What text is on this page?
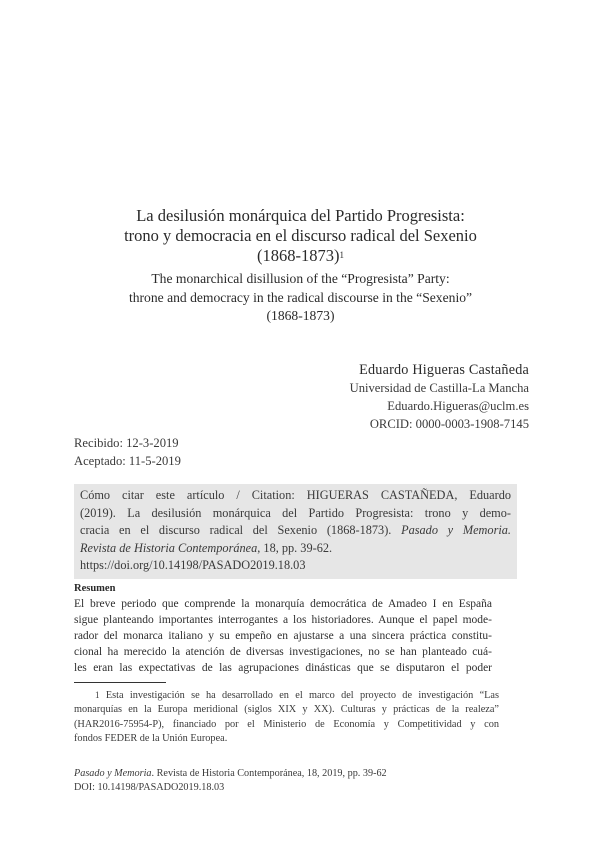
La desilusión monárquica del Partido Progresista:
trono y democracia en el discurso radical del Sexenio
(1868-1873)$^1$
The monarchical disillusion of the “Progresista” Party:
throne and democracy in the radical discourse in the “Sexenio”
(1868-1873)
Eduardo Higueras Castañeda
Universidad de Castilla-La Mancha
Eduardo.Higueras@uclm.es
ORCID: 0000-0003-1908-7145
Recibido: 12-3-2019
Aceptado: 11-5-2019
Cómo citar este artículo / Citation: HIGUERAS CASTAÑEDA, Eduardo
(2019). La desilusión monárquica del Partido Progresista: trono y demo-
cracia en el discurso radical del Sexenio (1868-1873). Pasado y Memoria.
Revista de Historia Contemporánea, 18, pp. 39-62.
https://doi.org/10.14198/PASADO2019.18.03
Resumen
El breve periodo que comprende la monarquía democrática de Amadeo I en España
sigue planteando importantes interrogantes a los historiadores. Aunque el papel mode-
rador del monarca italiano y su empeño en ajustarse a una sincera práctica constitu-
cional ha merecido la atención de diversas investigaciones, no se han planteado cuá-
les eran las expectativas de las agrupaciones dinásticas que se disputaron el poder
$^1$ Esta investigación se ha desarrollado en el marco del proyecto de investigación “Las
monarquías en la Europa meridional (siglos XIX y XX). Culturas y prácticas de la realeza”
(HAR2016-75954-P), financiado por el Ministerio de Economía y Competitividad y con
fondos FEDER de la Unión Europea.
Pasado y Memoria. Revista de Historia Contemporánea, 18, 2019, pp. 39-62
DOI: 10.14198/PASADO2019.18.03
